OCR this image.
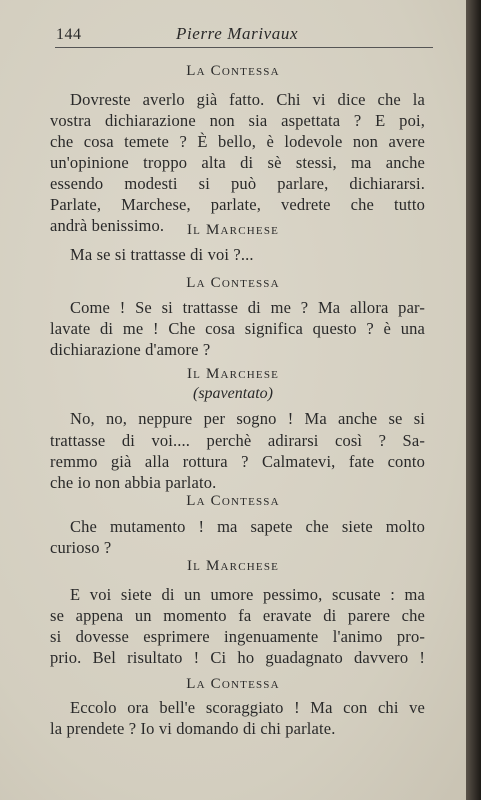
144	Pierre Marivaux
La Contessa
Dovreste averlo già fatto. Chi vi dice che la
vostra dichiarazione non sia aspettata ? E poi,
che cosa temete ? È bello, è lodevole non avere
un'opinione troppo alta di sè stessi, ma anche
essendo modesti si può parlare, dichiararsi.
Parlate, Marchese, parlate, vedrete che tutto
andrà benissimo.	Il Marchese
Ma se si trattasse di voi ?...
La Contessa
Come ! Se si trattasse di me ? Ma allora par-
lavate di me ! Che cosa significa questo ? è una
dichiarazione d'amore ?
Il Marchese
(spaventato)
No, no, neppure per sogno ! Ma anche se si
trattasse di voi.... perchè adirarsi così ? Sa-
remmo già alla rottura ? Calmatevi, fate conto
che io non abbia parlato.
La Contessa
Che mutamento ! ma sapete che siete molto
curioso ?
Il Marchese
E voi siete di un umore pessimo, scusate : ma
se appena un momento fa eravate di parere che
si dovesse esprimere ingenuamente l'animo pro-
prio. Bel risultato ! Ci ho guadagnato davvero !
La Contessa
Eccolo ora bell'e scoraggiato ! Ma con chi ve
la prendete ? Io vi domando di chi parlate.
